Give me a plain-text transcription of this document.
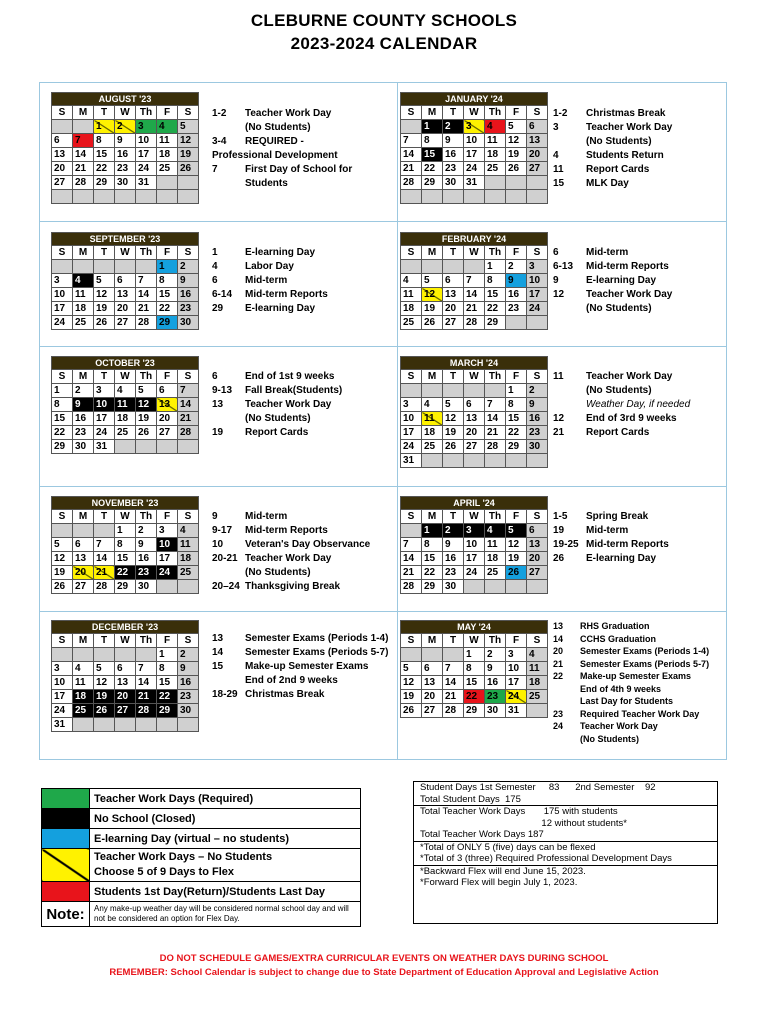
CLEBURNE COUNTY SCHOOLS
2023-2024 CALENDAR
AUGUST '23						
S	M	T	W	Th	F	S
		1	2	3	4	5
6	7	8	9	10	11	12
13	14	15	16	17	18	19
20	21	22	23	24	25	26
27	28	29	30	31		

1-2	Teacher Work Day
(No Students)
3-4	REQUIRED -
Professional Development
7	First Day of School for
Students
JANUARY '24						
S	M	T	W	Th	F	S
	1	2	3	4	5	6
7	8	9	10	11	12	13
14	15	16	17	18	19	20
21	22	23	24	25	26	27
28	29	30	31			

1-2	Christmas Break
3	Teacher Work Day
(No Students)
4	Students Return
11	Report Cards
15	MLK Day
SEPTEMBER '23						
S	M	T	W	Th	F	S
					1	2
3	4	5	6	7	8	9
10	11	12	13	14	15	16
17	18	19	20	21	22	23
24	25	26	27	28	29	30
1	E-learning Day
4	Labor Day
6	Mid-term
6-14	Mid-term Reports
29	E-learning Day
FEBRUARY '24						
S	M	T	W	Th	F	S
				1	2	3
4	5	6	7	8	9	10
11	12	13	14	15	16	17
18	19	20	21	22	23	24
25	26	27	28	29		
6	Mid-term
6-13	Mid-term Reports
9	E-learning Day
12	Teacher Work Day
(No Students)
OCTOBER '23						
S	M	T	W	Th	F	S
1	2	3	4	5	6	7
8	9	10	11	12	13	14
15	16	17	18	19	20	21
22	23	24	25	26	27	28
29	30	31				
6	End of 1st 9 weeks
9-13	Fall Break(Students)
13	Teacher Work Day
(No Students)
19	Report Cards
MARCH '24						
S	M	T	W	Th	F	S
					1	2
3	4	5	6	7	8	9
10	11	12	13	14	15	16
17	18	19	20	21	22	23
24	25	26	27	28	29	30
31						
11	Teacher Work Day
(No Students)
Weather Day, if needed
12	End of 3rd 9 weeks
21	Report Cards
NOVEMBER '23						
S	M	T	W	Th	F	S
			1	2	3	4
5	6	7	8	9	10	11
12	13	14	15	16	17	18
19	20	21	22	23	24	25
26	27	28	29	30		
9	Mid-term
9-17	Mid-term Reports
10	Veteran's Day Observance
20-21 Teacher Work Day
(No Students)
20–24 Thanksgiving Break
APRIL '24						
S	M	T	W	Th	F	S
	1	2	3	4	5	6
7	8	9	10	11	12	13
14	15	16	17	18	19	20
21	22	23	24	25	26	27
28	29	30				
1-5	Spring Break
19	Mid-term
19-25 Mid-term Reports
26	E-learning Day
DECEMBER '23						
S	M	T	W	Th	F	S
					1	2
3	4	5	6	7	8	9
10	11	12	13	14	15	16
17	18	19	20	21	22	23
24	25	26	27	28	29	30
31						
13	Semester Exams (Periods 1-4)
14	Semester Exams (Periods 5-7)
15	Make-up Semester Exams
End of 2nd 9 weeks
18-29 Christmas Break
MAY '24						
S	M	T	W	Th	F	S
			1	2	3	4
5	6	7	8	9	10	11
12	13	14	15	16	17	18
19	20	21	22	23	24	25
26	27	28	29	30	31	
13	RHS Graduation
14	CCHS Graduation
20	Semester Exams (Periods 1-4)
21	Semester Exams (Periods 5-7)
22	Make-up Semester Exams
End of 4th 9 weeks
Last Day for Students
23	Required Teacher Work Day
24	Teacher Work Day
(No Students)
	Teacher Work Days (Required)
	No School (Closed)
	E-learning Day (virtual – no students)
	Teacher Work Days – No Students
Choose 5 of 9 Days to Flex
	Students 1st Day(Return)/Students Last Day
Note:	Any make-up weather day will be considered normal school day and will not be considered an option for Flex Day.
Student Days 1st Semester     83      2nd Semester    92
Total Student Days  175
Total Teacher Work Days       175 with students
12 without students*
Total Teacher Work Days 187
*Total of ONLY 5 (five) days can be flexed
*Total of 3 (three) Required Professional Development Days
*Backward Flex will end June 15, 2023.
*Forward Flex will begin July 1, 2023.
DO NOT SCHEDULE GAMES/EXTRA CURRICULAR EVENTS ON WEATHER DAYS DURING SCHOOL
REMEMBER: School Calendar is subject to change due to State Department of Education Approval and Legislative Action
